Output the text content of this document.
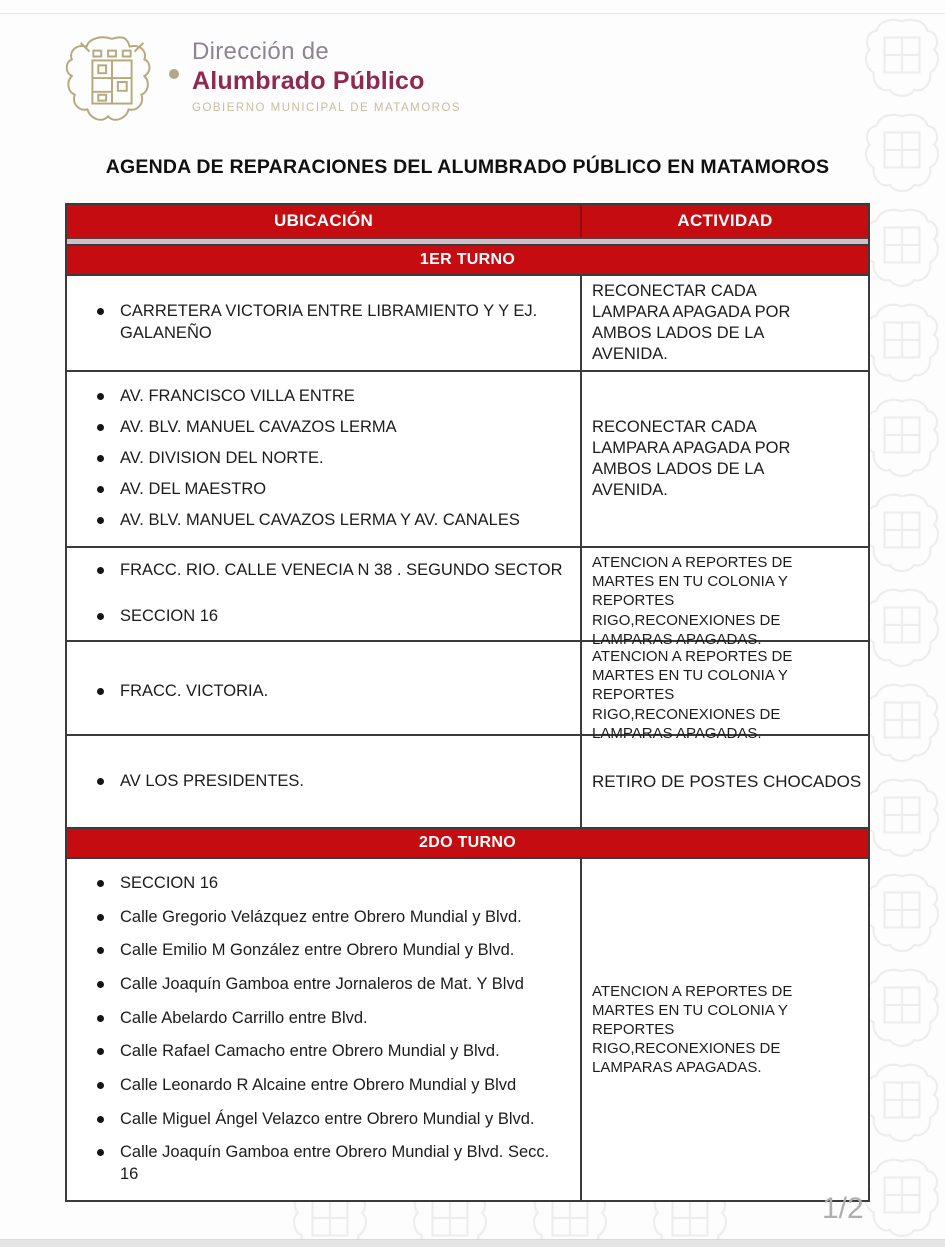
Dirección de
Alumbrado Público
GOBIERNO MUNICIPAL DE MATAMOROS
AGENDA DE REPARACIONES DEL ALUMBRADO PÚBLICO EN MATAMOROS
UBICACIÓN	ACTIVIDAD
1ER TURNO
CARRETERA VICTORIA ENTRE LIBRAMIENTO Y Y EJ. GALANEÑO
RECONECTAR CADA LAMPARA APAGADA POR AMBOS LADOS DE LA AVENIDA.
AV. FRANCISCO VILLA ENTRE
AV. BLV. MANUEL CAVAZOS LERMA
AV. DIVISION DEL NORTE.
AV. DEL MAESTRO
AV. BLV. MANUEL CAVAZOS LERMA Y AV. CANALES
RECONECTAR CADA LAMPARA APAGADA POR AMBOS LADOS DE LA AVENIDA.
FRACC. RIO. CALLE VENECIA N 38 . SEGUNDO SECTOR
SECCION 16
ATENCION A REPORTES DE MARTES EN TU COLONIA Y REPORTES RIGO,RECONEXIONES DE LAMPARAS APAGADAS.
FRACC. VICTORIA.
ATENCION A REPORTES DE MARTES EN TU COLONIA Y REPORTES RIGO,RECONEXIONES DE LAMPARAS APAGADAS.
AV LOS PRESIDENTES.	RETIRO DE POSTES CHOCADOS
2DO TURNO
SECCION 16
Calle Gregorio Velázquez entre Obrero Mundial y Blvd.
Calle Emilio M González entre Obrero Mundial y Blvd.
Calle Joaquín Gamboa entre Jornaleros de Mat. Y Blvd
Calle Abelardo Carrillo entre Blvd.
Calle Rafael Camacho entre Obrero Mundial y Blvd.
Calle Leonardo R Alcaine entre Obrero Mundial y Blvd
Calle Miguel Ángel Velazco entre Obrero Mundial y Blvd.
Calle Joaquín Gamboa entre Obrero Mundial y Blvd. Secc. 16
ATENCION A REPORTES DE MARTES EN TU COLONIA Y REPORTES RIGO,RECONEXIONES DE LAMPARAS APAGADAS.
1/2
